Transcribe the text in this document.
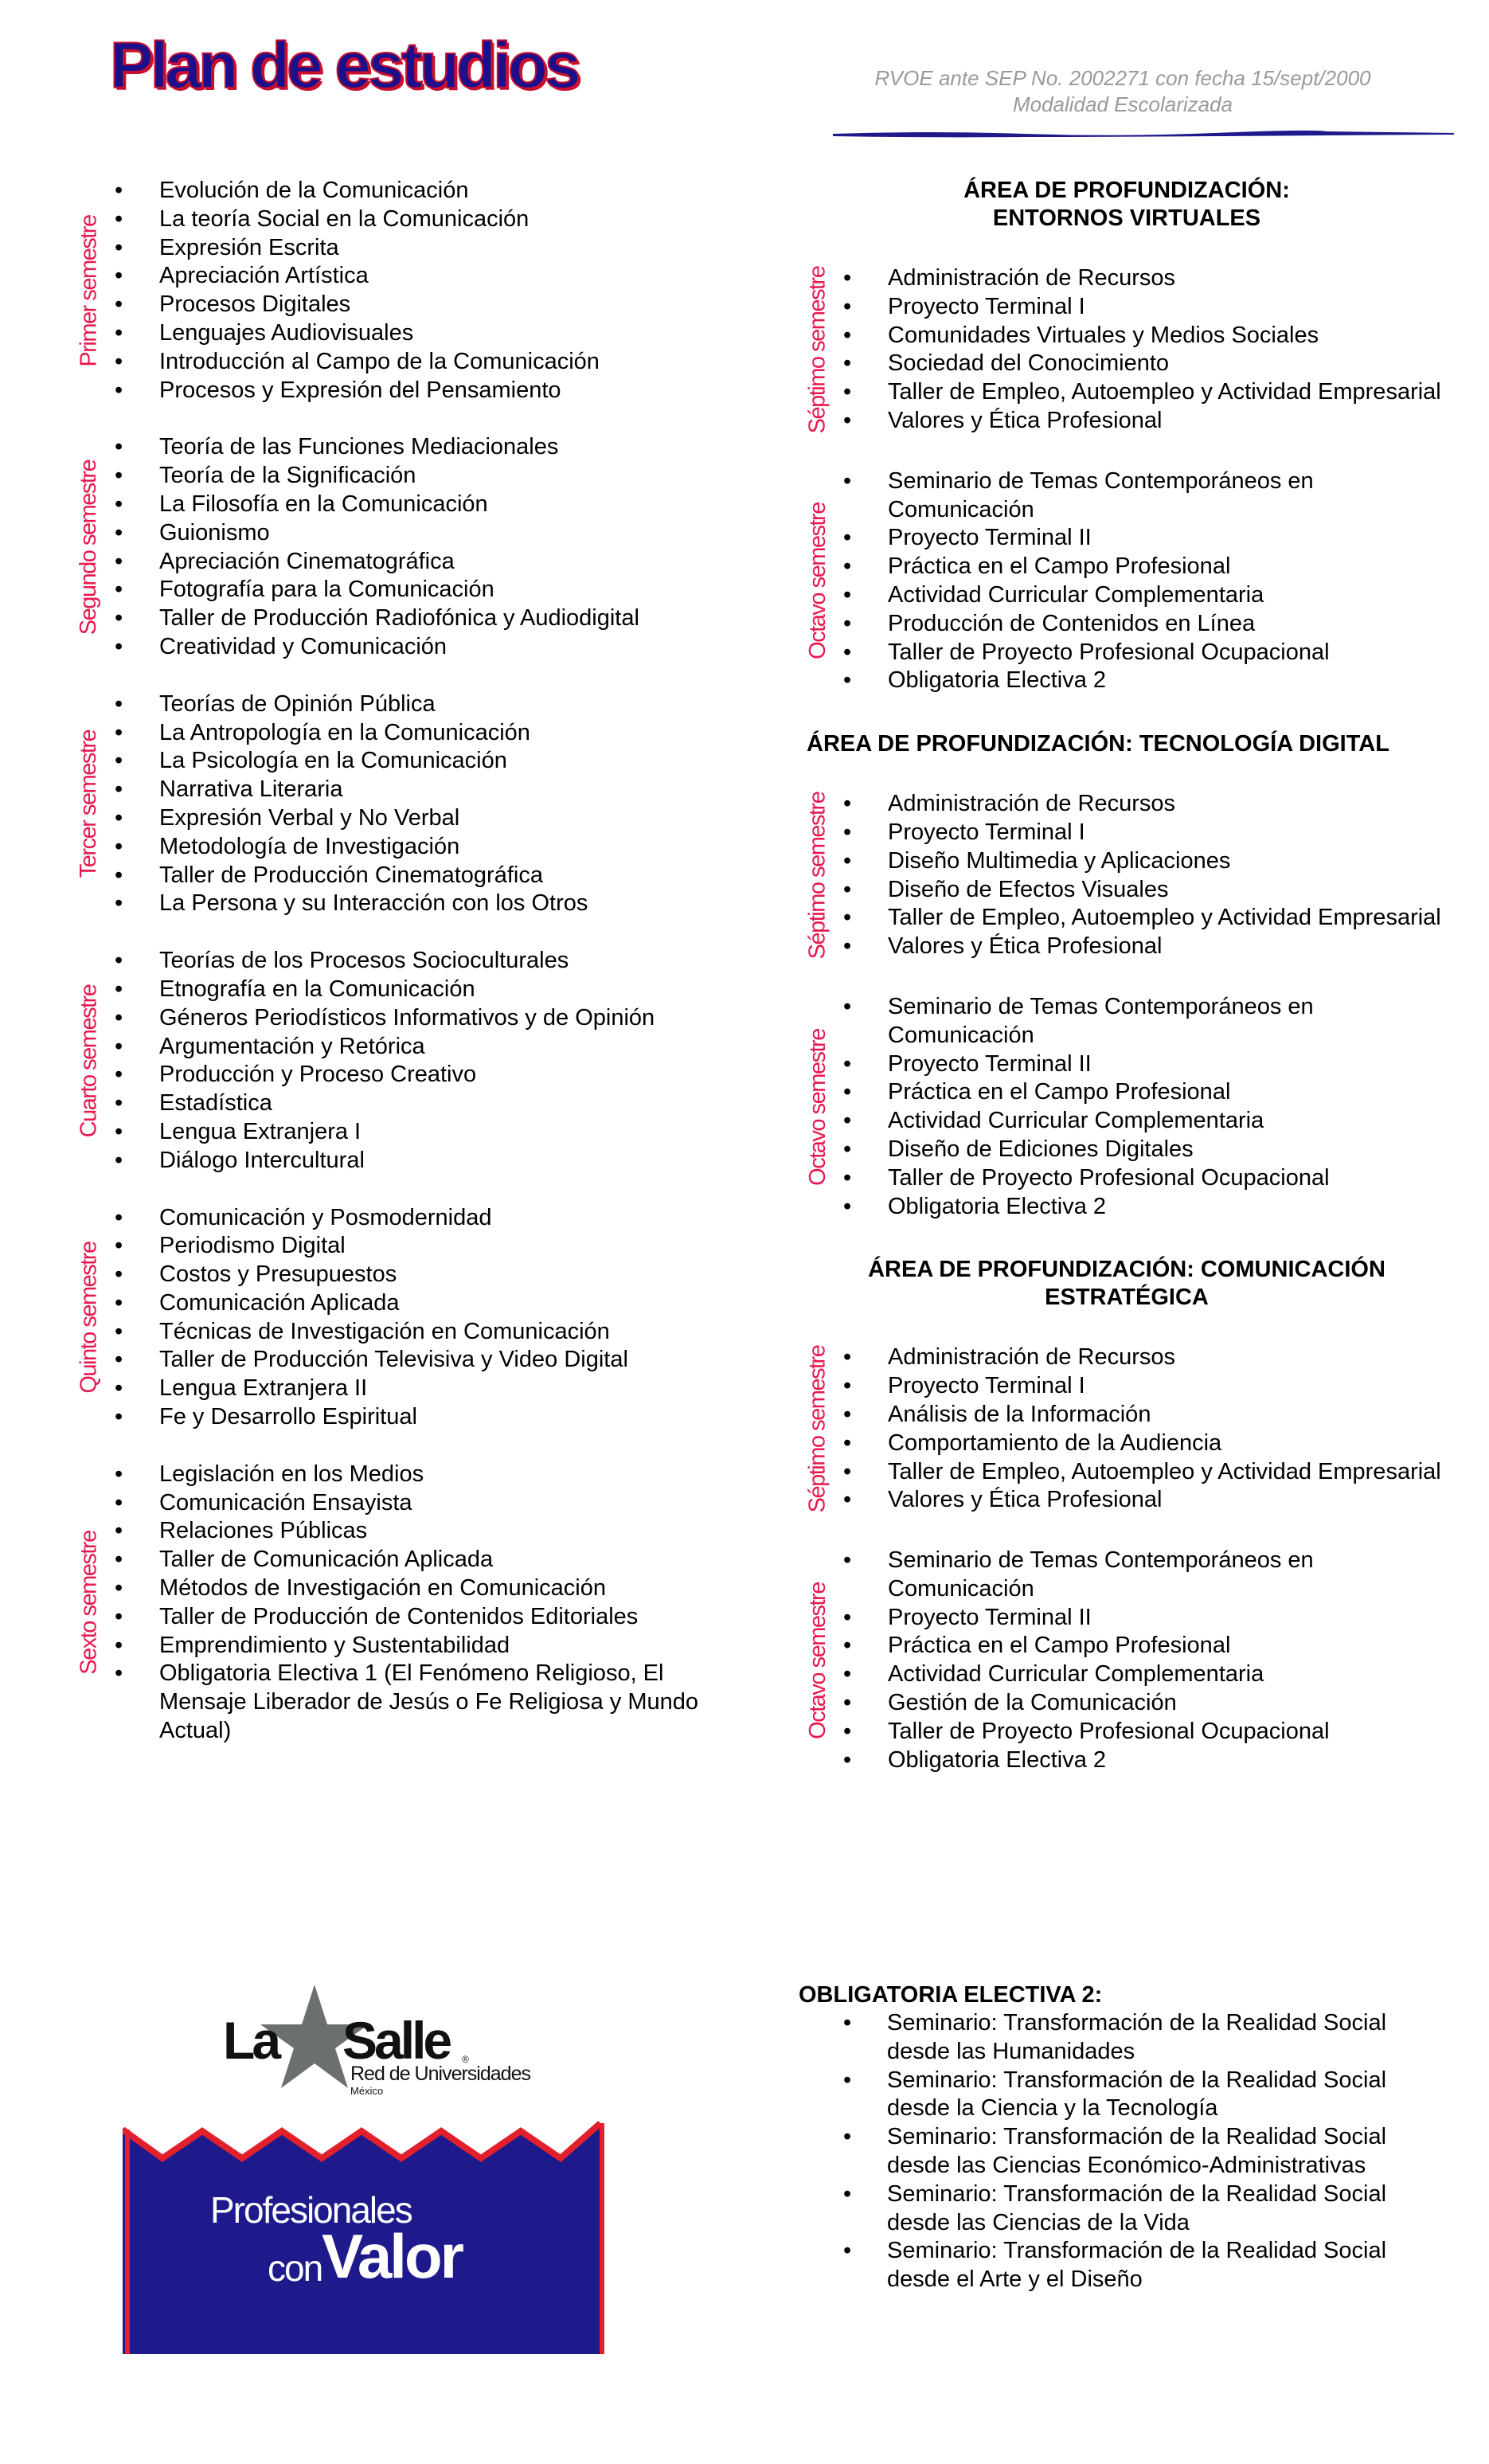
Plan de estudios	RVOE ante SEP No. 2002271 con fecha 15/sept/2000
Modalidad Escolarizada
Primer semestre
• Evolución de la Comunicación
• La teoría Social en la Comunicación
• Expresión Escrita
• Apreciación Artística
• Procesos Digitales
• Lenguajes Audiovisuales
• Introducción al Campo de la Comunicación
• Procesos y Expresión del Pensamiento
Segundo semestre
• Teoría de las Funciones Mediacionales
• Teoría de la Significación
• La Filosofía en la Comunicación
• Guionismo
• Apreciación Cinematográfica
• Fotografía para la Comunicación
• Taller de Producción Radiofónica y Audiodigital
• Creatividad y Comunicación
Tercer semestre
• Teorías de Opinión Pública
• La Antropología en la Comunicación
• La Psicología en la Comunicación
• Narrativa Literaria
• Expresión Verbal y No Verbal
• Metodología de Investigación
• Taller de Producción Cinematográfica
• La Persona y su Interacción con los Otros
Cuarto semestre
• Teorías de los Procesos Socioculturales
• Etnografía en la Comunicación
• Géneros Periodísticos Informativos y de Opinión
• Argumentación y Retórica
• Producción y Proceso Creativo
• Estadística
• Lengua Extranjera I
• Diálogo Intercultural
Quinto semestre
• Comunicación y Posmodernidad
• Periodismo Digital
• Costos y Presupuestos
• Comunicación Aplicada
• Técnicas de Investigación en Comunicación
• Taller de Producción Televisiva y Video Digital
• Lengua Extranjera II
• Fe y Desarrollo Espiritual
Sexto semestre
• Legislación en los Medios
• Comunicación Ensayista
• Relaciones Públicas
• Taller de Comunicación Aplicada
• Métodos de Investigación en Comunicación
• Taller de Producción de Contenidos Editoriales
• Emprendimiento y Sustentabilidad
• Obligatoria Electiva 1 (El Fenómeno Religioso, El Mensaje Liberador de Jesús o Fe Religiosa y Mundo Actual)
ÁREA DE PROFUNDIZACIÓN: ENTORNOS VIRTUALES
Séptimo semestre	• Administración de Recursos
• Proyecto Terminal I
• Comunidades Virtuales y Medios Sociales
• Sociedad del Conocimiento
• Taller de Empleo, Autoempleo y Actividad Empresarial
• Valores y Ética Profesional
Octavo semestre
• Seminario de Temas Contemporáneos en Comunicación
• Proyecto Terminal II
• Práctica en el Campo Profesional
• Actividad Curricular Complementaria
• Producción de Contenidos en Línea
• Taller de Proyecto Profesional Ocupacional
• Obligatoria Electiva 2
ÁREA DE PROFUNDIZACIÓN: TECNOLOGÍA DIGITAL
Séptimo semestre	• Administración de Recursos
• Proyecto Terminal I
• Diseño Multimedia y Aplicaciones
• Diseño de Efectos Visuales
• Taller de Empleo, Autoempleo y Actividad Empresarial
• Valores y Ética Profesional
Octavo semestre
• Seminario de Temas Contemporáneos en Comunicación
• Proyecto Terminal II
• Práctica en el Campo Profesional
• Actividad Curricular Complementaria
• Diseño de Ediciones Digitales
• Taller de Proyecto Profesional Ocupacional
• Obligatoria Electiva 2
ÁREA DE PROFUNDIZACIÓN: COMUNICACIÓN ESTRATÉGICA
Séptimo semestre	• Administración de Recursos
• Proyecto Terminal I
• Análisis de la Información
• Comportamiento de la Audiencia
• Taller de Empleo, Autoempleo y Actividad Empresarial
• Valores y Ética Profesional
Octavo semestre
• Seminario de Temas Contemporáneos en Comunicación
• Proyecto Terminal II
• Práctica en el Campo Profesional
• Actividad Curricular Complementaria
• Gestión de la Comunicación
• Taller de Proyecto Profesional Ocupacional
• Obligatoria Electiva 2
OBLIGATORIA ELECTIVA 2:
• Seminario: Transformación de la Realidad Social desde las Humanidades
• Seminario: Transformación de la Realidad Social desde la Ciencia y la Tecnología
• Seminario: Transformación de la Realidad Social desde las Ciencias Económico-Administrativas
• Seminario: Transformación de la Realidad Social desde las Ciencias de la Vida
• Seminario: Transformación de la Realidad Social desde el Arte y el Diseño
La Salle ®
Red de Universidades
México
Profesionales
con Valor
